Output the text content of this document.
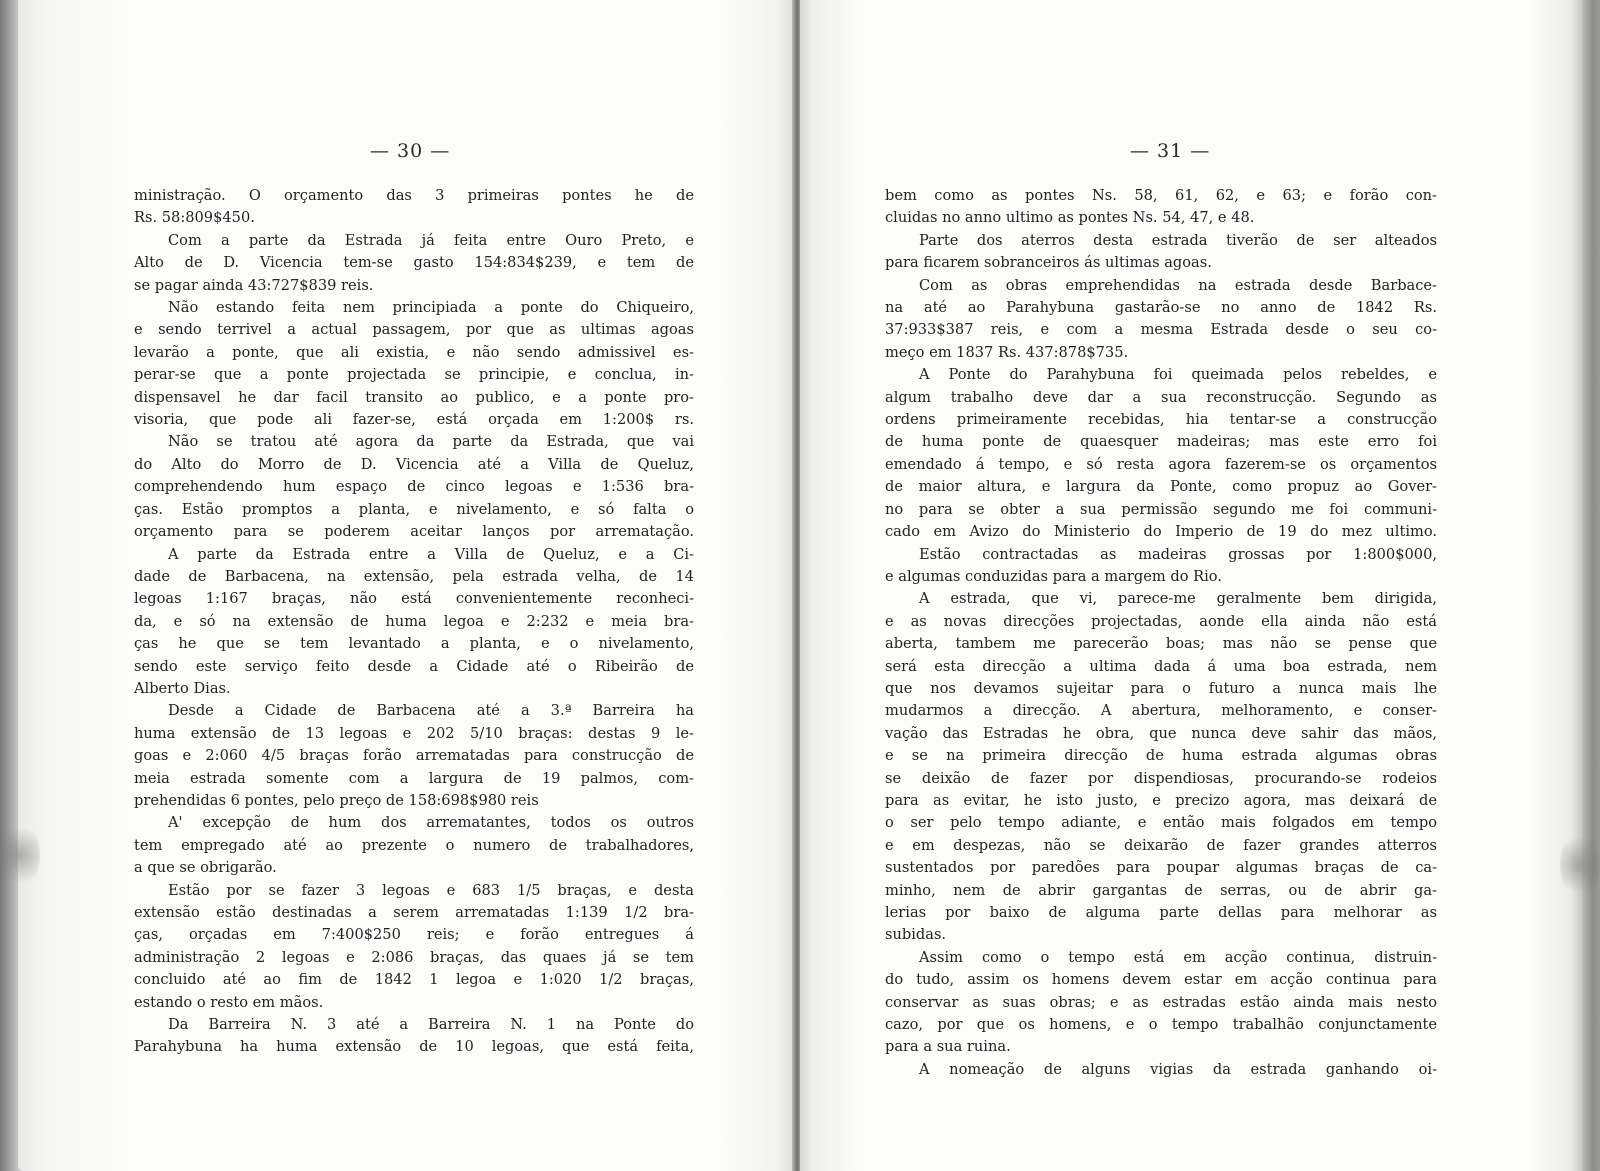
— 30 —	— 31 —
ministração. O orçamento das 3 primeiras pontes he de
Rs. 58:809$450.
Com a parte da Estrada já feita entre Ouro Preto, e
Alto de D. Vicencia tem-se gasto 154:834$239, e tem de
se pagar ainda 43:727$839 reis.
Não estando feita nem principiada a ponte do Chiqueiro,
e sendo terrivel a actual passagem, por que as ultimas agoas
levarão a ponte, que ali existia, e não sendo admissivel es-
perar-se que a ponte projectada se principie, e conclua, in-
dispensavel he dar facil transito ao publico, e a ponte pro-
visoria, que pode ali fazer-se, está orçada em 1:200$ rs.
Não se tratou até agora da parte da Estrada, que vai
do Alto do Morro de D. Vicencia até a Villa de Queluz,
comprehendendo hum espaço de cinco legoas e 1:536 bra-
ças. Estão promptos a planta, e nivelamento, e só falta o
orçamento para se poderem aceitar lanços por arrematação.
A parte da Estrada entre a Villa de Queluz, e a Ci-
dade de Barbacena, na extensão, pela estrada velha, de 14
legoas 1:167 braças, não está convenientemente reconheci-
da, e só na extensão de huma legoa e 2:232 e meia bra-
ças he que se tem levantado a planta, e o nivelamento,
sendo este serviço feito desde a Cidade até o Ribeirão de
Alberto Dias.
Desde a Cidade de Barbacena até a 3.ª Barreira ha
huma extensão de 13 legoas e 202 5/10 braças: destas 9 le-
goas e 2:060 4/5 braças forão arrematadas para construcção de
meia estrada somente com a largura de 19 palmos, com-
prehendidas 6 pontes, pelo preço de 158:698$980 reis
A' excepção de hum dos arrematantes, todos os outros
tem empregado até ao prezente o numero de trabalhadores,
a que se obrigarão.
Estão por se fazer 3 legoas e 683 1/5 braças, e desta
extensão estão destinadas a serem arrematadas 1:139 1/2 bra-
ças, orçadas em 7:400$250 reis; e forão entregues á
administração 2 legoas e 2:086 braças, das quaes já se tem
concluido até ao fim de 1842 1 legoa e 1:020 1/2 braças,
estando o resto em mãos.
Da Barreira N. 3 até a Barreira N. 1 na Ponte do
Parahybuna ha huma extensão de 10 legoas, que está feita,
bem como as pontes Ns. 58, 61, 62, e 63; e forão con-
cluidas no anno ultimo as pontes Ns. 54, 47, e 48.
Parte dos aterros desta estrada tiverão de ser alteados
para ficarem sobranceiros ás ultimas agoas.
Com as obras emprehendidas na estrada desde Barbace-
na até ao Parahybuna gastarão-se no anno de 1842 Rs.
37:933$387 reis, e com a mesma Estrada desde o seu co-
meço em 1837 Rs. 437:878$735.
A Ponte do Parahybuna foi queimada pelos rebeldes, e
algum trabalho deve dar a sua reconstrucção. Segundo as
ordens primeiramente recebidas, hia tentar-se a construcção
de huma ponte de quaesquer madeiras; mas este erro foi
emendado á tempo, e só resta agora fazerem-se os orçamentos
de maior altura, e largura da Ponte, como propuz ao Gover-
no para se obter a sua permissão segundo me foi communi-
cado em Avizo do Ministerio do Imperio de 19 do mez ultimo.
Estão contractadas as madeiras grossas por 1:800$000,
e algumas conduzidas para a margem do Rio.
A estrada, que vi, parece-me geralmente bem dirigida,
e as novas direcções projectadas, aonde ella ainda não está
aberta, tambem me parecerão boas; mas não se pense que
será esta direcção a ultima dada á uma boa estrada, nem
que nos devamos sujeitar para o futuro a nunca mais lhe
mudarmos a direcção. A abertura, melhoramento, e conser-
vação das Estradas he obra, que nunca deve sahir das mãos,
e se na primeira direcção de huma estrada algumas obras
se deixão de fazer por dispendiosas, procurando-se rodeios
para as evitar, he isto justo, e precizo agora, mas deixará de
o ser pelo tempo adiante, e então mais folgados em tempo
e em despezas, não se deixarão de fazer grandes atterros
sustentados por paredões para poupar algumas braças de ca-
minho, nem de abrir gargantas de serras, ou de abrir ga-
lerias por baixo de alguma parte dellas para melhorar as
subidas.
Assim como o tempo está em acção continua, distruin-
do tudo, assim os homens devem estar em acção continua para
conservar as suas obras; e as estradas estão ainda mais nesto
cazo, por que os homens, e o tempo trabalhão conjunctamente
para a sua ruina.
A nomeação de alguns vigias da estrada ganhando oi-
